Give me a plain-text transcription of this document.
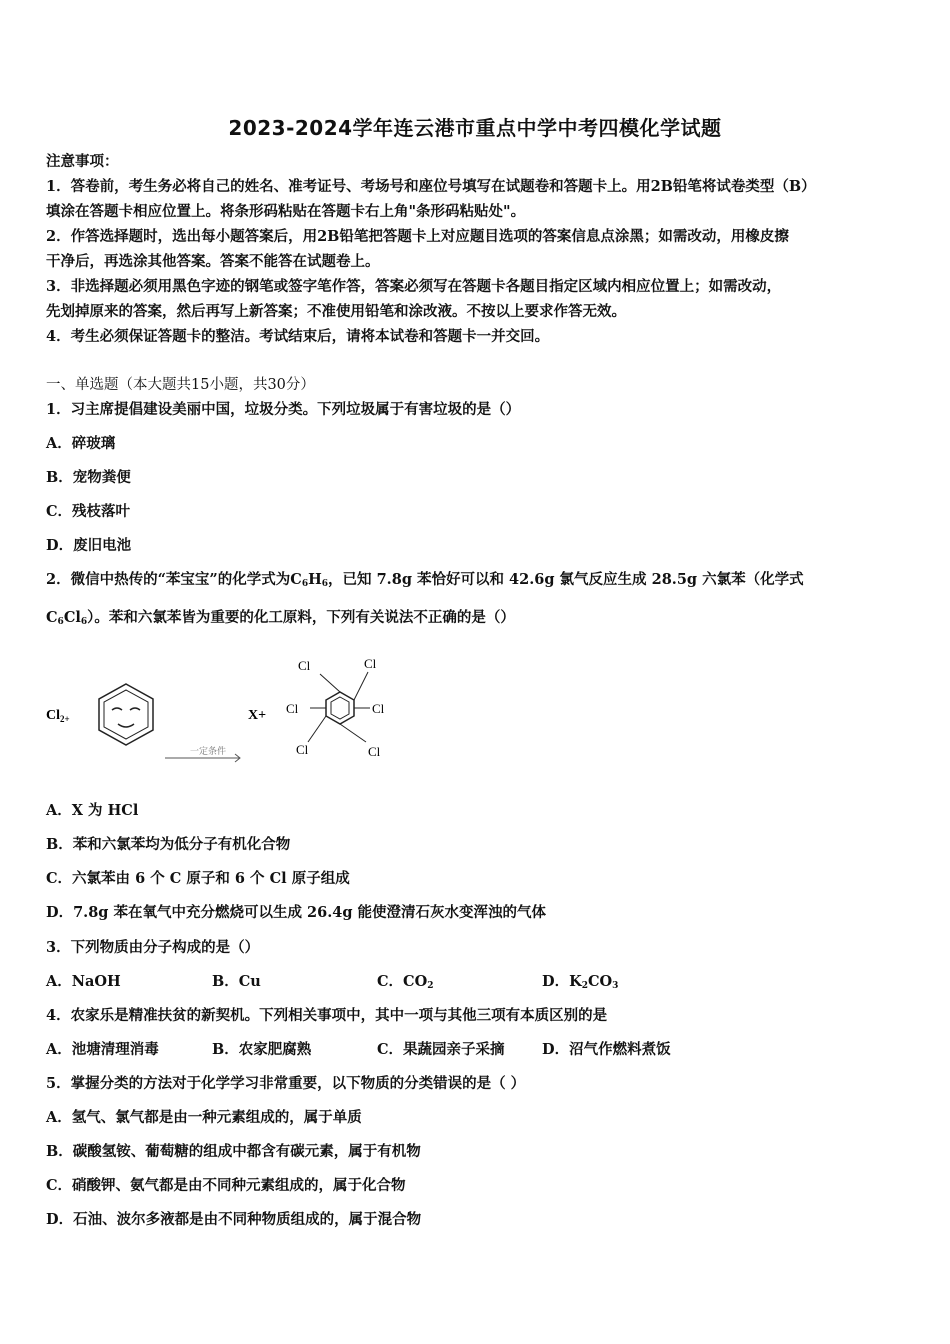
2023-2024学年连云港市重点中学中考四模化学试题
注意事项：
1．答卷前，考生务必将自己的姓名、准考证号、考场号和座位号填写在试题卷和答题卡上。用2B铅笔将试卷类型（B）
填涂在答题卡相应位置上。将条形码粘贴在答题卡右上角"条形码粘贴处"。
2．作答选择题时，选出每小题答案后，用2B铅笔把答题卡上对应题目选项的答案信息点涂黑；如需改动，用橡皮擦
干净后，再选涂其他答案。答案不能答在试题卷上。
3．非选择题必须用黑色字迹的钢笔或签字笔作答，答案必须写在答题卡各题目指定区域内相应位置上；如需改动，
先划掉原来的答案，然后再写上新答案；不准使用铅笔和涂改液。不按以上要求作答无效。
4．考生必须保证答题卡的整洁。考试结束后，请将本试卷和答题卡一并交回。
一、单选题（本大题共15小题，共30分）
1．习主席提倡建设美丽中国，垃圾分类。下列垃圾属于有害垃圾的是（）
A．碎玻璃
B．宠物粪便
C．残枝落叶
D．废旧电池
2．微信中热传的“苯宝宝”的化学式为$C_6H_6$，已知 7.8g 苯恰好可以和 42.6g 氯气反应生成 28.5g 六氯苯（化学式
$C_6Cl_6$）。苯和六氯苯皆为重要的化工原料，下列有关说法不正确的是（）
$Cl_{2+}$
一定条件
X+
Cl	Cl
Cl	Cl
Cl	Cl
A．X 为 HCl
B．苯和六氯苯均为低分子有机化合物
C．六氯苯由 6 个 C 原子和 6 个 Cl 原子组成
D．7.8g 苯在氧气中充分燃烧可以生成 26.4g 能使澄清石灰水变浑浊的气体
3．下列物质由分子构成的是（）
A．NaOH	B．Cu	C．$CO_2$	D．$K_2CO_3$
4．农家乐是精准扶贫的新契机。下列相关事项中，其中一项与其他三项有本质区别的是
A．池塘清理消毒	B．农家肥腐熟	C．果蔬园亲子采摘	D．沼气作燃料煮饭
5．掌握分类的方法对于化学学习非常重要，以下物质的分类错误的是（ ）
A．氢气、氯气都是由一种元素组成的，属于单质
B．碳酸氢铵、葡萄糖的组成中都含有碳元素，属于有机物
C．硝酸钾、氨气都是由不同种元素组成的，属于化合物
D．石油、波尔多液都是由不同种物质组成的，属于混合物
